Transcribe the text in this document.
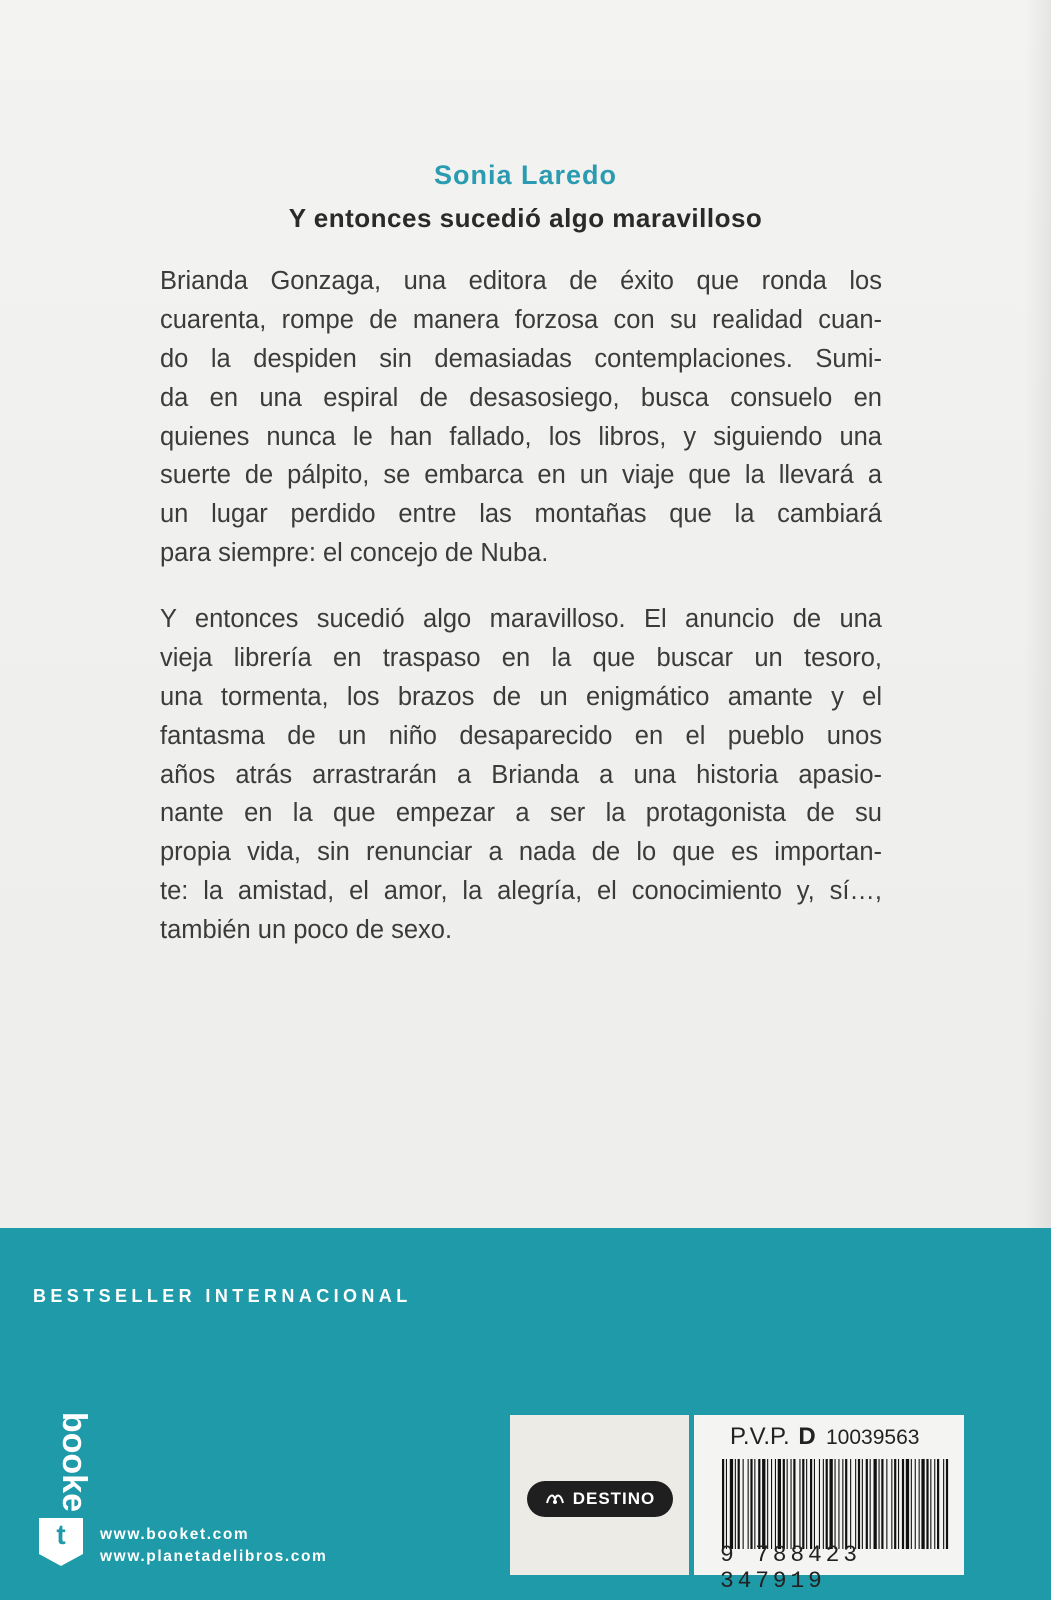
Sonia Laredo
Y entonces sucedió algo maravilloso
Brianda Gonzaga, una editora de éxito que ronda los
cuarenta, rompe de manera forzosa con su realidad cuan-
do la despiden sin demasiadas contemplaciones. Sumi-
da en una espiral de desasosiego, busca consuelo en
quienes nunca le han fallado, los libros, y siguiendo una
suerte de pálpito, se embarca en un viaje que la llevará a
un lugar perdido entre las montañas que la cambiará
para siempre: el concejo de Nuba.
Y entonces sucedió algo maravilloso. El anuncio de una
vieja librería en traspaso en la que buscar un tesoro,
una tormenta, los brazos de un enigmático amante y el
fantasma de un niño desaparecido en el pueblo unos
años atrás arrastrarán a Brianda a una historia apasio-
nante en la que empezar a ser la protagonista de su
propia vida, sin renunciar a nada de lo que es importan-
te: la amistad, el amor, la alegría, el conocimiento y, sí…,
también un poco de sexo.
BESTSELLER INTERNACIONAL
booke
t www.booket.com
www.planetadelibros.com
DESTINO
P.V.P. D 10039563
9 788423 347919
